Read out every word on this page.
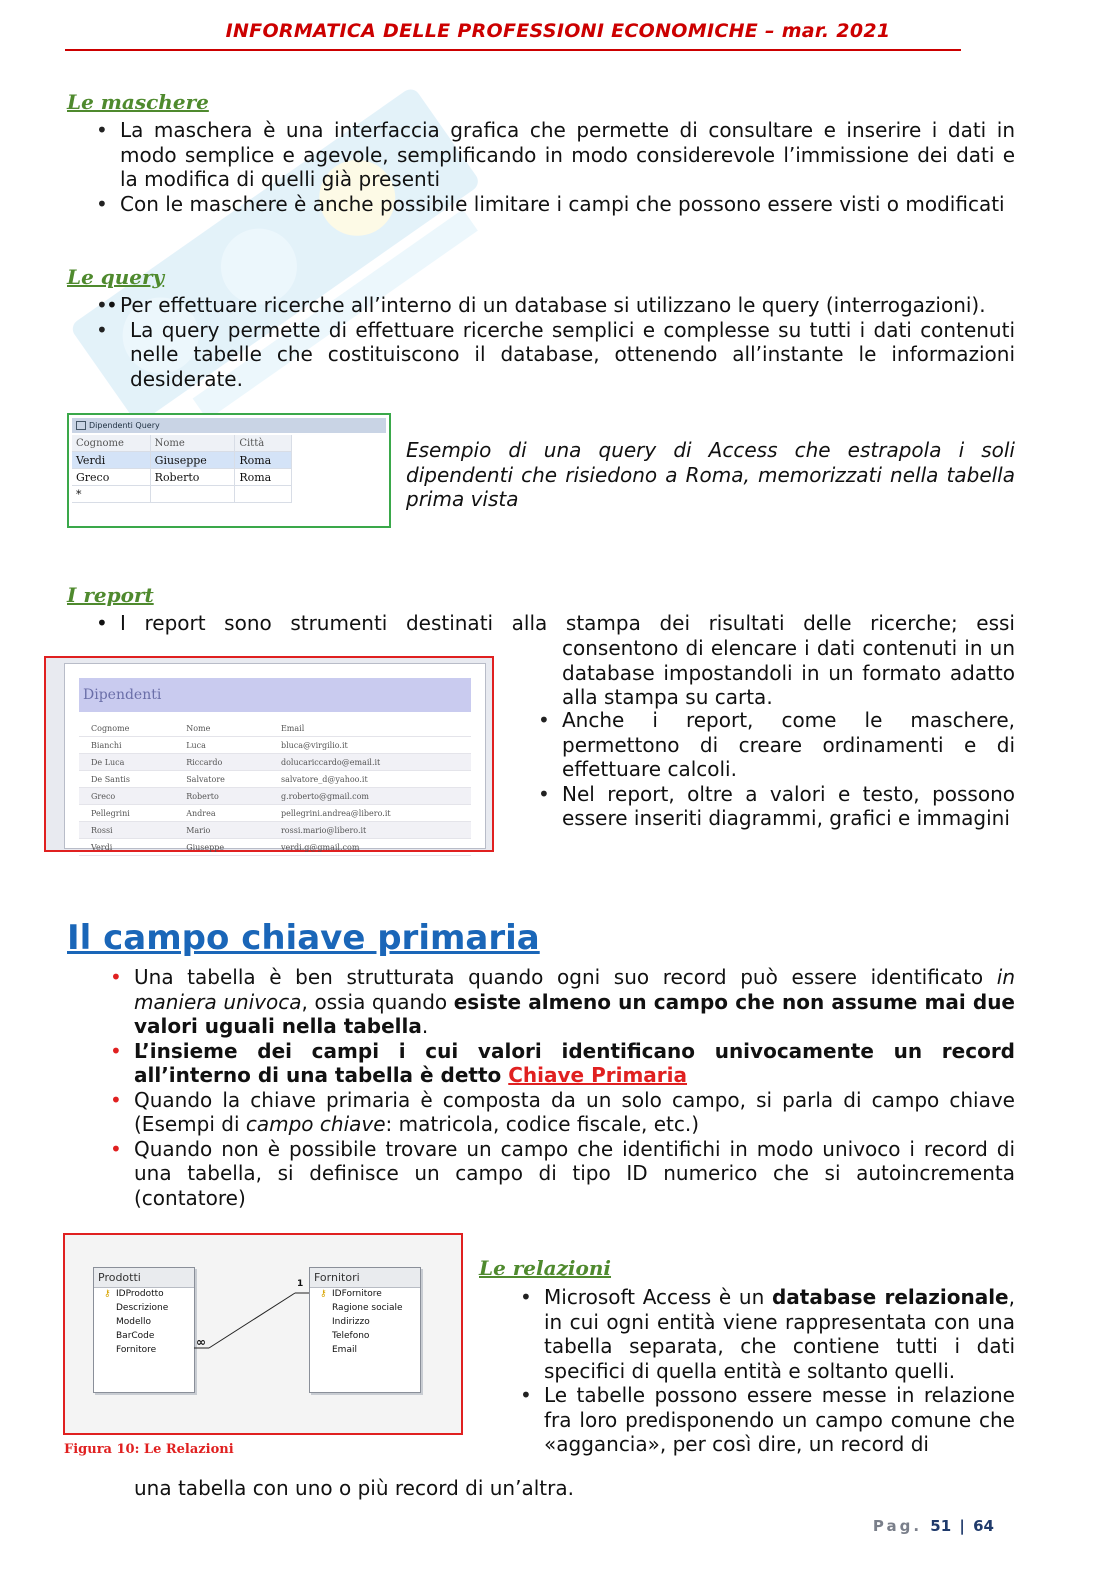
INFORMATICA DELLE PROFESSIONI ECONOMICHE – mar. 2021
Le maschere
• La maschera è una interfaccia grafica che permette di consultare e inserire i dati in modo semplice e agevole, semplificando in modo considerevole l’immissione dei dati e la modifica di quelli già presenti
• Con le maschere è anche possibile limitare i campi che possono essere visti o modificati
Le query
• • Per effettuare ricerche all’interno di un database si utilizzano le query (interrogazioni).
• La query permette di effettuare ricerche semplici e complesse su tutti i dati contenuti nelle tabelle che costituiscono il database, ottenendo all’instante le informazioni desiderate.
Dipendenti Query
Cognome	Nome	Città
Verdi	Giuseppe	Roma
Greco	Roberto	Roma
*		
Esempio di una query di Access che estrapola i soli dipendenti che risiedono a Roma, memorizzati nella tabella prima vista
I report
• I report sono strumenti destinati alla stampa dei risultati delle ricerche; essi
consentono di elencare i dati contenuti in un database impostandoli in un formato adatto alla stampa su carta.
• Anche i report, come le maschere, permettono di creare ordinamenti e di effettuare calcoli.
• Nel report, oltre a valori e testo, possono essere inseriti diagrammi, grafici e immagini
Dipendenti
Cognome	Nome	Email
Bianchi	Luca	bluca@virgilio.it
De Luca	Riccardo	dolucariccardo@email.it
De Santis	Salvatore	salvatore_d@yahoo.it
Greco	Roberto	g.roberto@gmail.com
Pellegrini	Andrea	pellegrini.andrea@libero.it
Rossi	Mario	rossi.mario@libero.it
Verdi	Giuseppe	verdi.g@gmail.com
Il campo chiave primaria
• Una tabella è ben strutturata quando ogni suo record può essere identificato in maniera univoca, ossia quando esiste almeno un campo che non assume mai due valori uguali nella tabella.
• L’insieme dei campi i cui valori identificano univocamente un record all’interno di una tabella è detto Chiave Primaria
• Quando la chiave primaria è composta da un solo campo, si parla di campo chiave (Esempi di campo chiave: matricola, codice fiscale, etc.)
• Quando non è possibile trovare un campo che identifichi in modo univoco i record di una tabella, si definisce un campo di tipo ID numerico che si autoincrementa (contatore)
Prodotti
⚷ IDProdotto
Descrizione
Modello
BarCode
Fornitore
Fornitori
⚷ IDFornitore
Ragione sociale
Indirizzo
Telefono
Email
1
∞
Figura 10: Le Relazioni
Le relazioni
• Microsoft Access è un database relazionale, in cui ogni entità viene rappresentata con una tabella separata, che contiene tutti i dati specifici di quella entità e soltanto quelli.
• Le tabelle possono essere messe in relazione fra loro predisponendo un campo comune che «aggancia», per così dire, un record di
una tabella con uno o più record di un’altra.
Pag. 51 | 64
